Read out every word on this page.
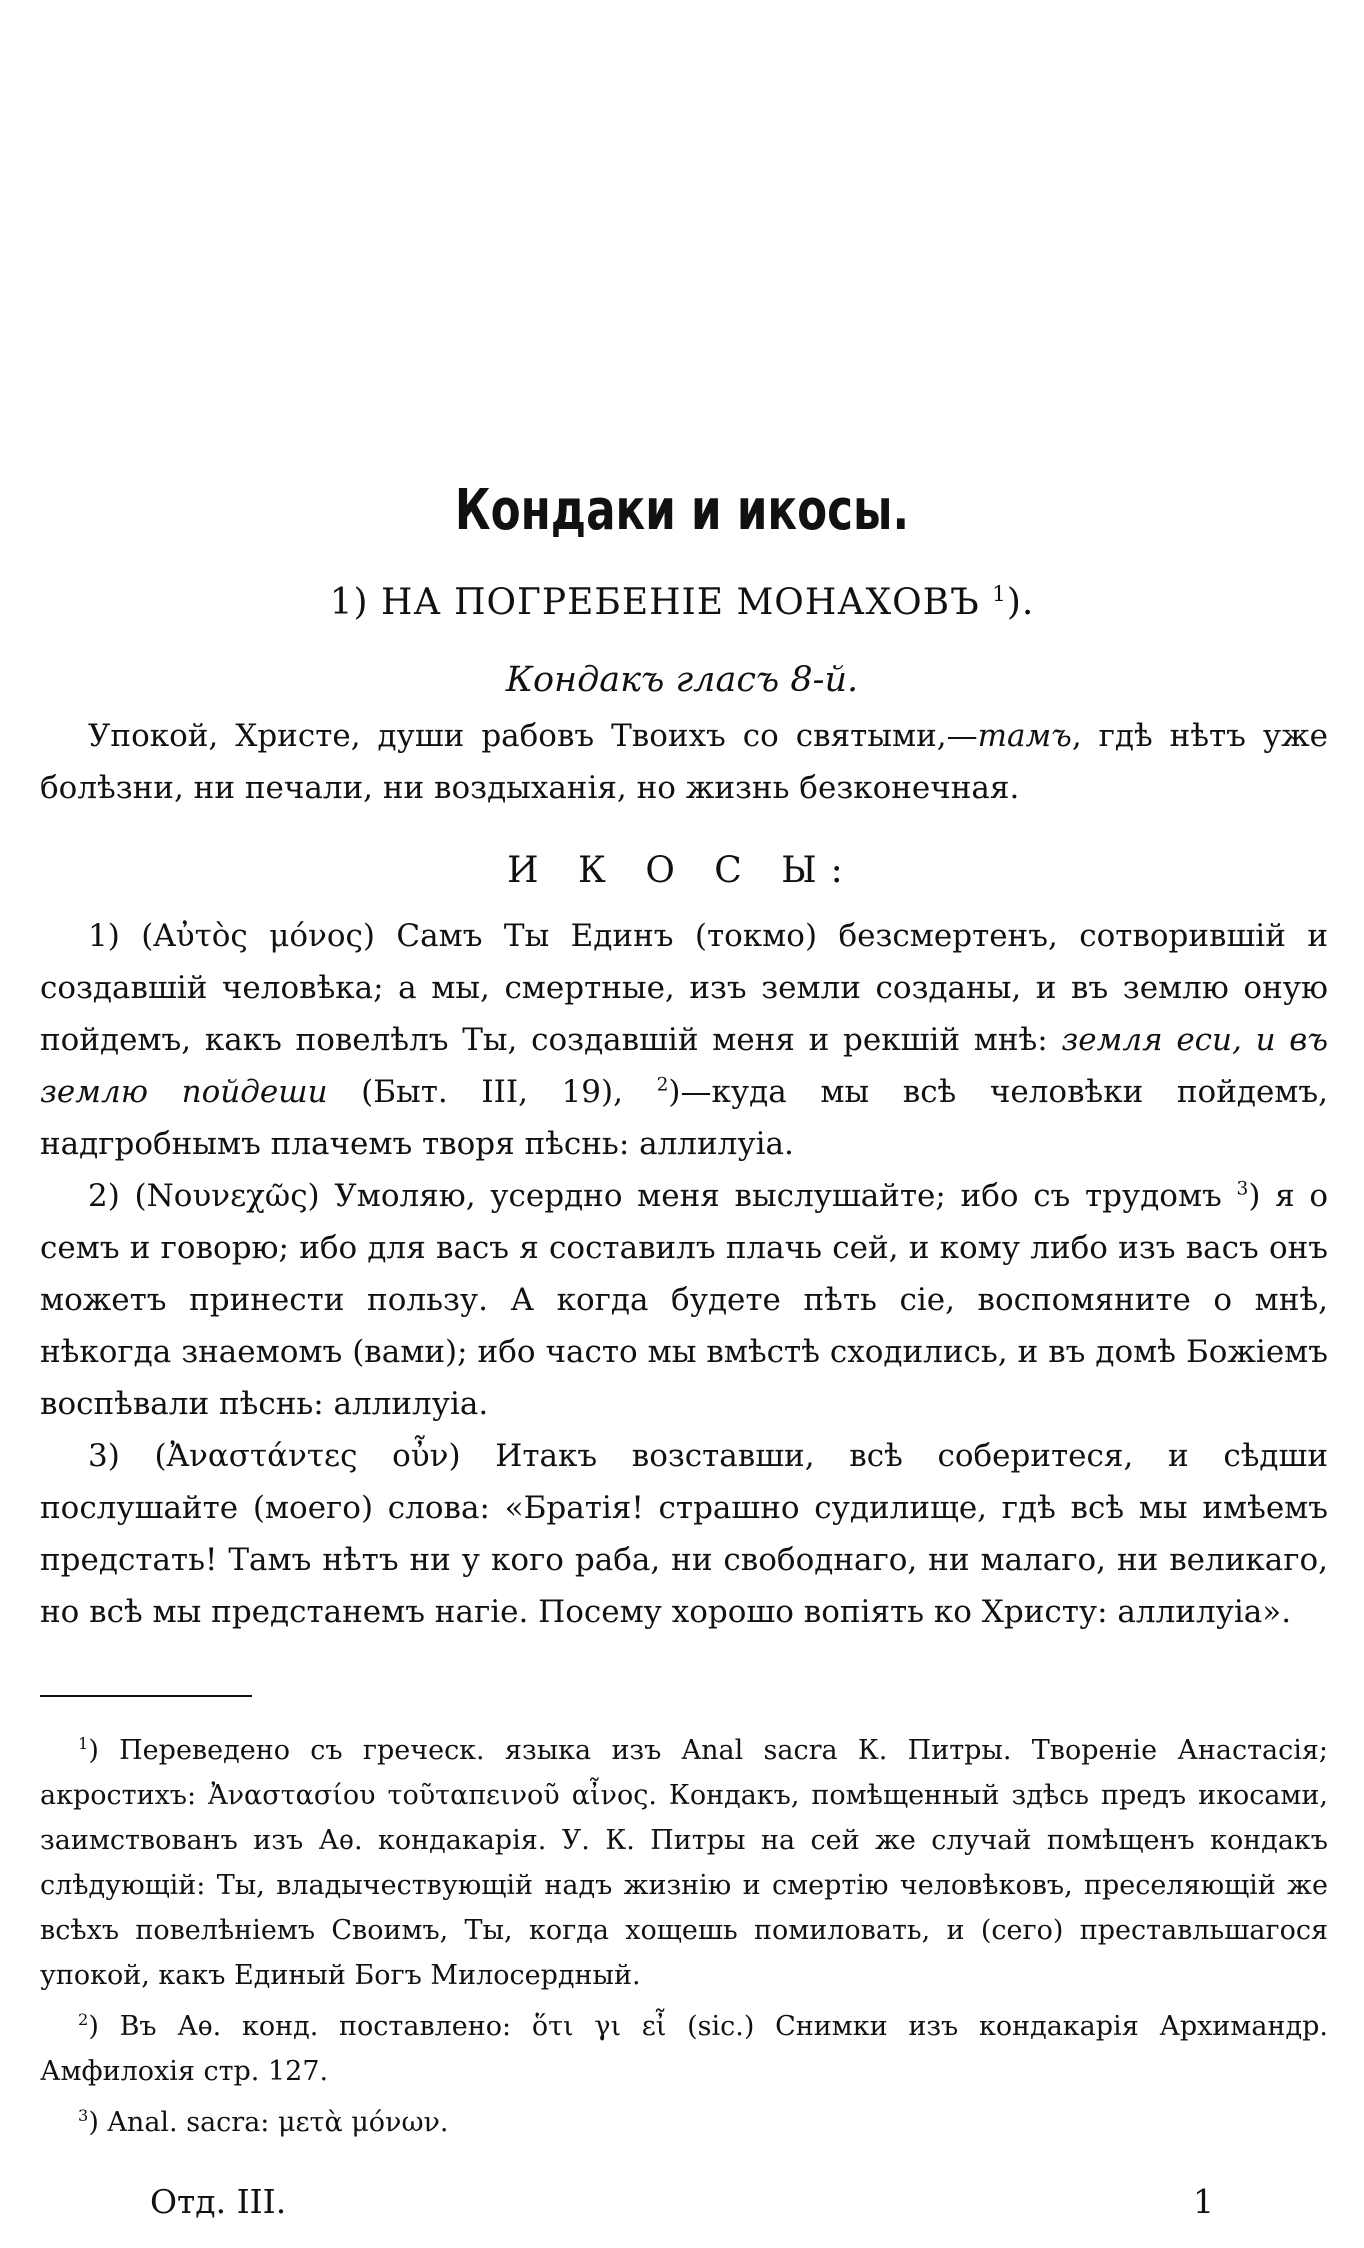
Кондаки и икосы.
1) НА ПОГРЕБЕНІЕ МОНАХОВЪ $^1$).
Кондакъ гласъ 8-й.

Упокой, Христе, души рабовъ Твоихъ со святыми,—тамъ, гдѣ нѣтъ уже болѣзни, ни печали, ни воздыханія, но жизнь безконечная.

И К О С Ы:

1) (Αὐτὸς μόνος) Самъ Ты Единъ (токмо) безсмертенъ, сотворившій и создавшій человѣка; а мы, смертные, изъ земли созданы, и въ землю оную пойдемъ, какъ повелѣлъ Ты, создавшій меня и рекшій мнѣ: земля еси, и въ землю пойдеши (Быт. III, 19), $^2$)—куда мы всѣ человѣки пойдемъ, надгробнымъ плачемъ творя пѣснь: аллилуіа.

2) (Νουνεχῶς) Умоляю, усердно меня выслушайте; ибо съ трудомъ $^3$) я о семъ и говорю; ибо для васъ я составилъ плачь сей, и кому либо изъ васъ онъ можетъ принести пользу. А когда будете пѣть сіе, воспомяните о мнѣ, нѣкогда знаемомъ (вами); ибо часто мы вмѣстѣ сходились, и въ домѣ Божіемъ воспѣвали пѣснь: аллилуіа.

3) (Ἀναστάντες οὖν) Итакъ возставши, всѣ соберитеся, и сѣдши послушайте (моего) слова: «Братія! страшно судилище, гдѣ всѣ мы имѣемъ предстать! Тамъ нѣтъ ни у кого раба, ни свободнаго, ни малаго, ни великаго, но всѣ мы предстанемъ нагіе. Посему хорошо вопіять ко Христу: аллилуіа».

$^1$) Переведено съ греческ. языка изъ Anal sacra К. Питры. Твореніе Анастасія; акростихъ: Ἀναστασίου τοῦταπεινοῦ αἶνος. Кондакъ, помѣщенный здѣсь предъ икосами, заимствованъ изъ Аѳ. кондакарія. У. К. Питры на сей же случай помѣщенъ кондакъ слѣдующій: Ты, владычествующій надъ жизнію и смертію человѣковъ, преселяющій же всѣхъ повелѣніемъ Своимъ, Ты, когда хощешь помиловать, и (сего) преставльшагося упокой, какъ Единый Богъ Милосердный.

$^2$) Въ Аѳ. конд. поставлено: ὅτι γι εἶ (sic.) Снимки изъ кондакарія Архимандр. Амфилохія стр. 127.

$^3$) Anal. sacra: μετὰ μόνων.

Отд. III.	1
